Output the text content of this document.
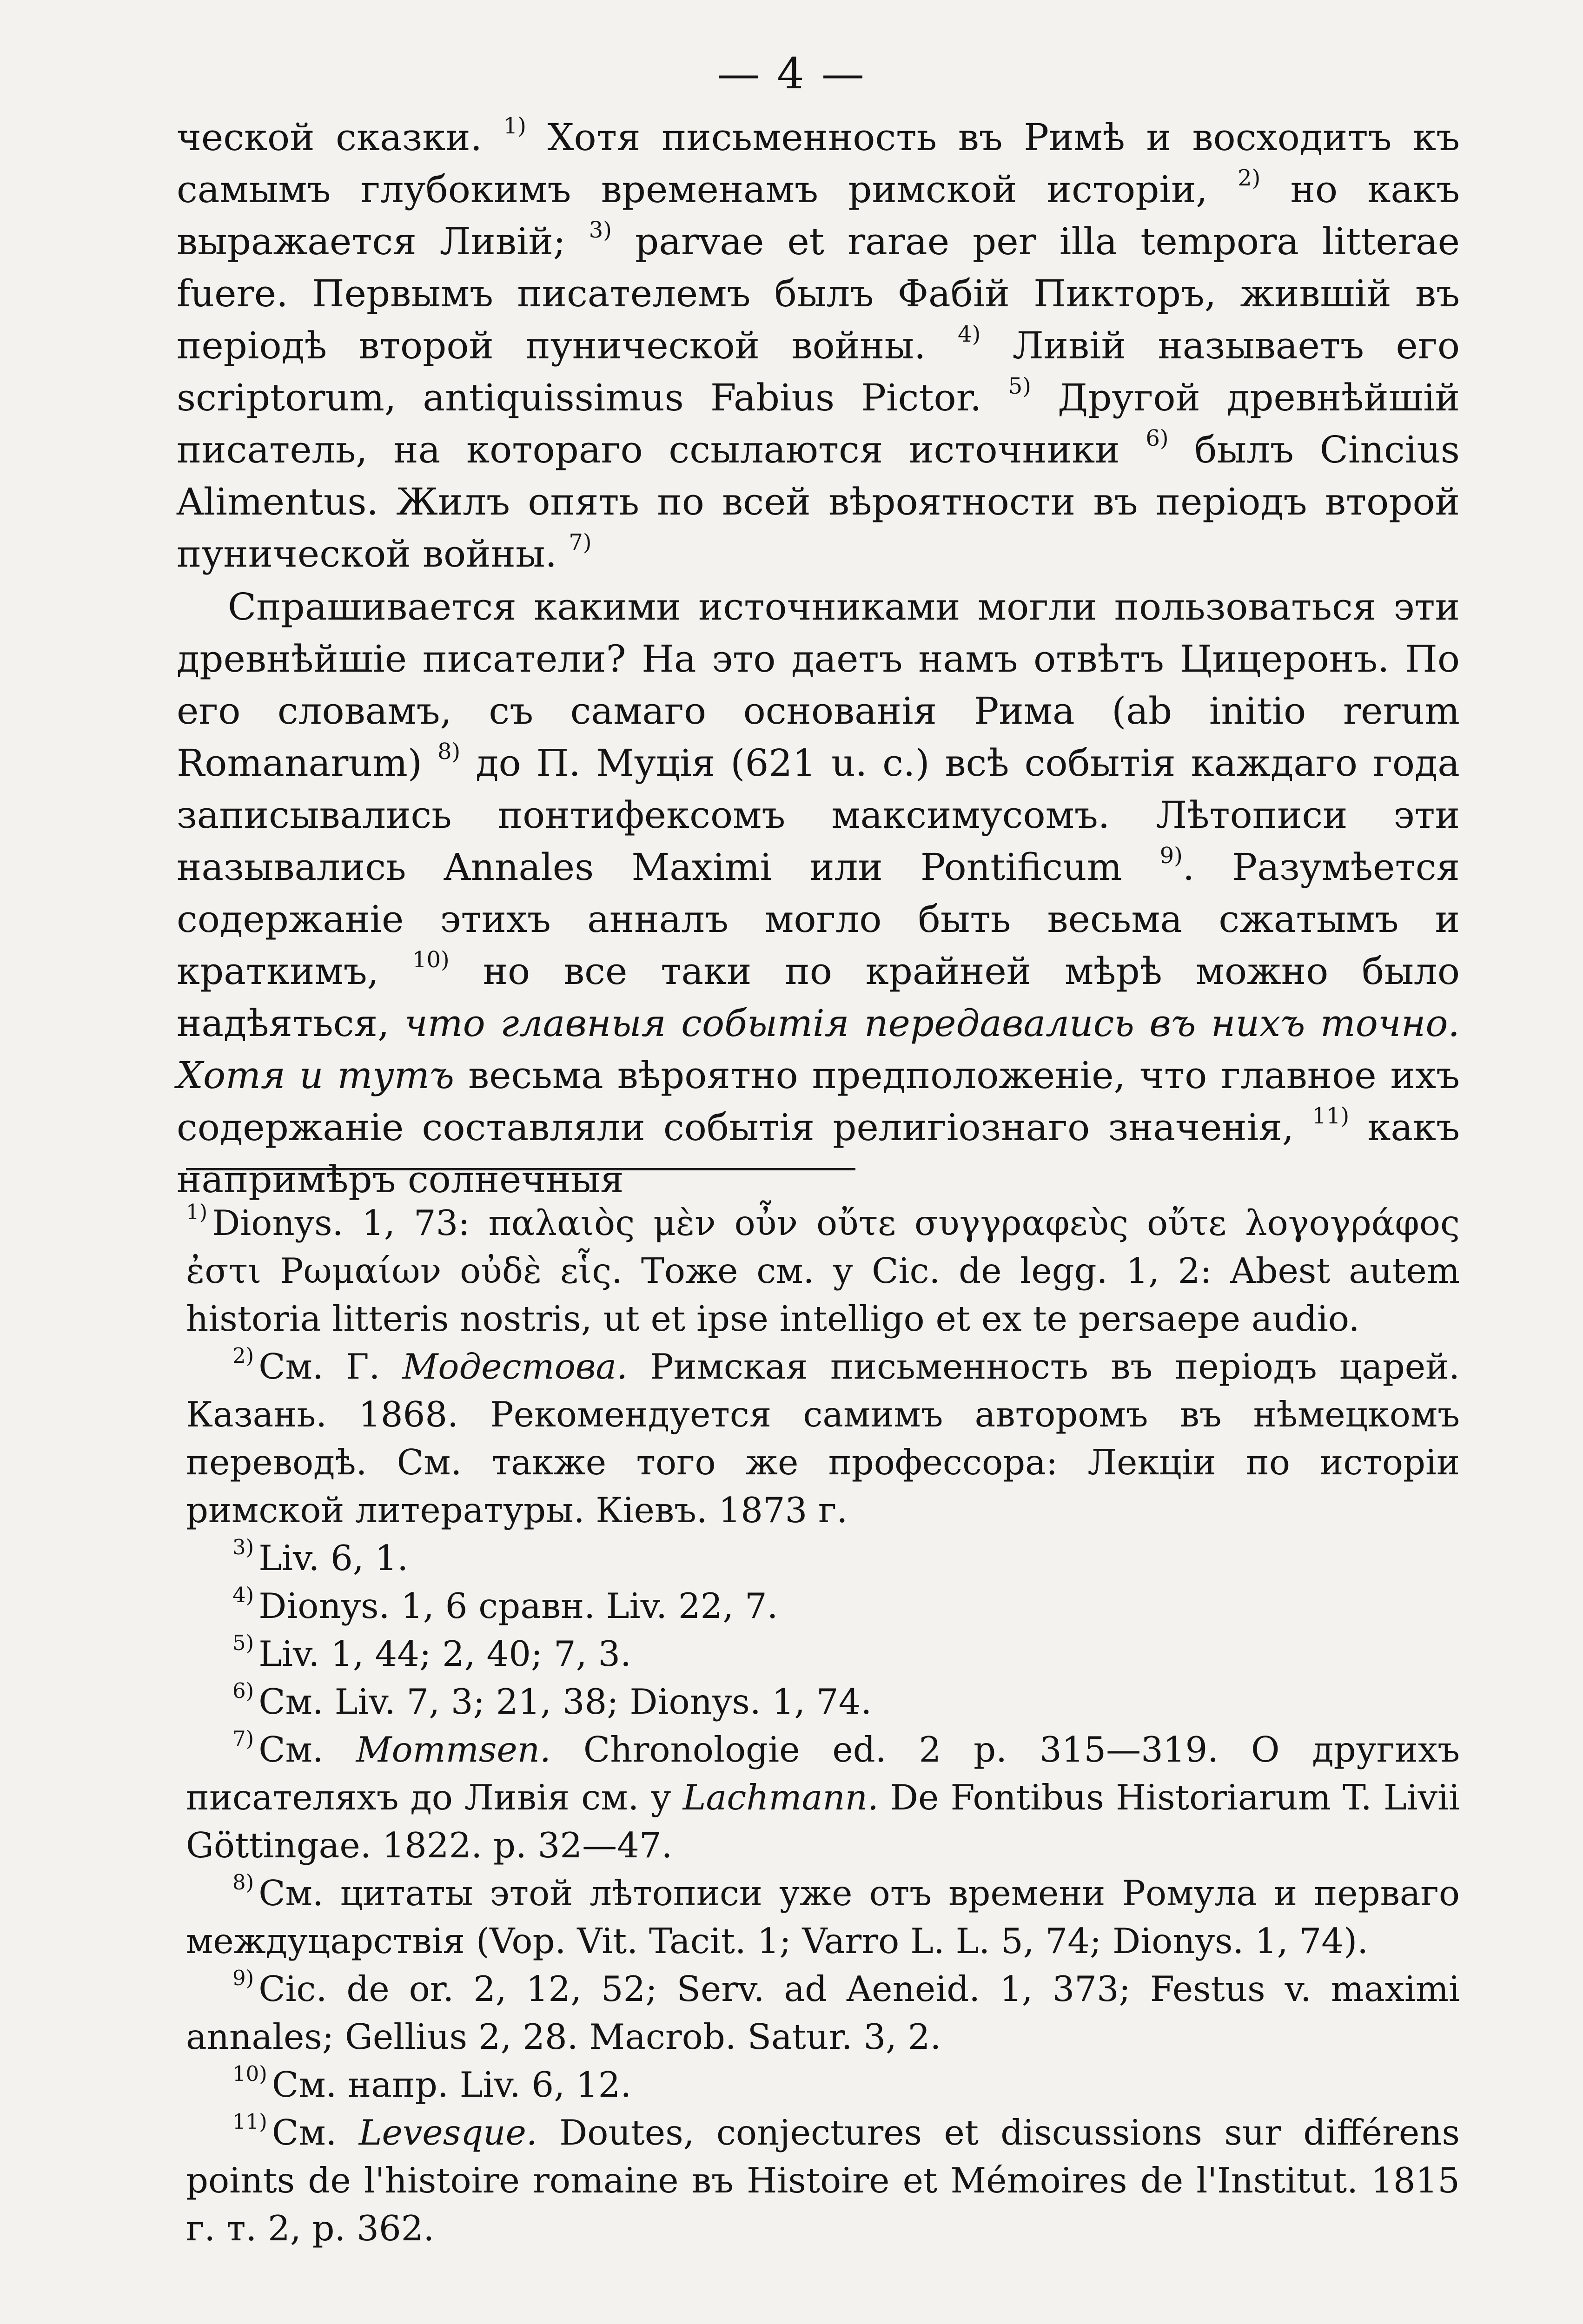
— 4 —

ческой сказки. $^{1)}$ Хотя письменность въ Римѣ и восходитъ къ самымъ глубокимъ временамъ римской исторіи, $^{2)}$ но какъ выражается Ливій; $^{3)}$ parvae et rarae per illa tempora litterae fuere. Первымъ писателемъ былъ Фабій Пикторъ, жившій въ періодѣ второй пунической войны. $^{4)}$ Ливій называетъ его scriptorum, antiquissimus Fabius Pictor. $^{5)}$ Другой древнѣйшій писатель, на котораго ссылаются источники $^{6)}$ былъ Cincius Alimentus. Жилъ опять по всей вѣроятности въ періодъ второй пунической войны. $^{7)}$

Спрашивается какими источниками могли пользоваться эти древнѣйшіе писатели? На это даетъ намъ отвѣтъ Цицеронъ. По его словамъ, съ самаго основанія Рима (ab initio rerum Romanarum) $^{8)}$ до П. Муція (621 u. c.) всѣ событія каждаго года записывались понтифексомъ максимусомъ. Лѣтописи эти назывались Annales Maximi или Pontificum $^{9)}$. Разумѣется содержаніе этихъ анналъ могло быть весьма сжатымъ и краткимъ, $^{10)}$ но все таки по крайней мѣрѣ можно было надѣяться, что главныя событія передавались въ нихъ точно. Хотя и тутъ весьма вѣроятно предположеніе, что главное ихъ содержаніе составляли событія религіознаго значенія, $^{11)}$ какъ напримѣръ солнечныя

$^{1)}$ Dionys. 1, 73: παλαιὸς μὲν οὖν οὔτε συγγραφεὺς οὔτε λογογράφος ἐστι Ρωμαίων οὐδὲ εἷς. Тоже см. у Cic. de legg. 1, 2: Abest autem historia litteris nostris, ut et ipse intelligo et ex te persaepe audio.

$^{2)}$ См. Г. Модестова. Римская письменность въ періодъ царей. Казань. 1868. Рекомендуется самимъ авторомъ въ нѣмецкомъ переводѣ. См. также того же профессора: Лекціи по исторіи римской литературы. Кіевъ. 1873 г.

$^{3)}$ Liv. 6, 1.

$^{4)}$ Dionys. 1, 6 сравн. Liv. 22, 7.

$^{5)}$ Liv. 1, 44; 2, 40; 7, 3.

$^{6)}$ См. Liv. 7, 3; 21, 38; Dionys. 1, 74.

$^{7)}$ См. Mommsen. Chronologie ed. 2 p. 315—319. О другихъ писателяхъ до Ливія см. у Lachmann. De Fontibus Historiarum T. Livii Göttingae. 1822. p. 32—47.

$^{8)}$ См. цитаты этой лѣтописи уже отъ времени Ромула и перваго междуцарствія (Vop. Vit. Tacit. 1; Varro L. L. 5, 74; Dionys. 1, 74).

$^{9)}$ Cic. de or. 2, 12, 52; Serv. ad Aeneid. 1, 373; Festus v. maximi annales; Gellius 2, 28. Macrob. Satur. 3, 2.

$^{10)}$ См. напр. Liv. 6, 12.

$^{11)}$ См. Levesque. Doutes, conjectures et discussions sur différens points de l'histoire romaine въ Histoire et Mémoires de l'Institut. 1815 г. т. 2, p. 362.
